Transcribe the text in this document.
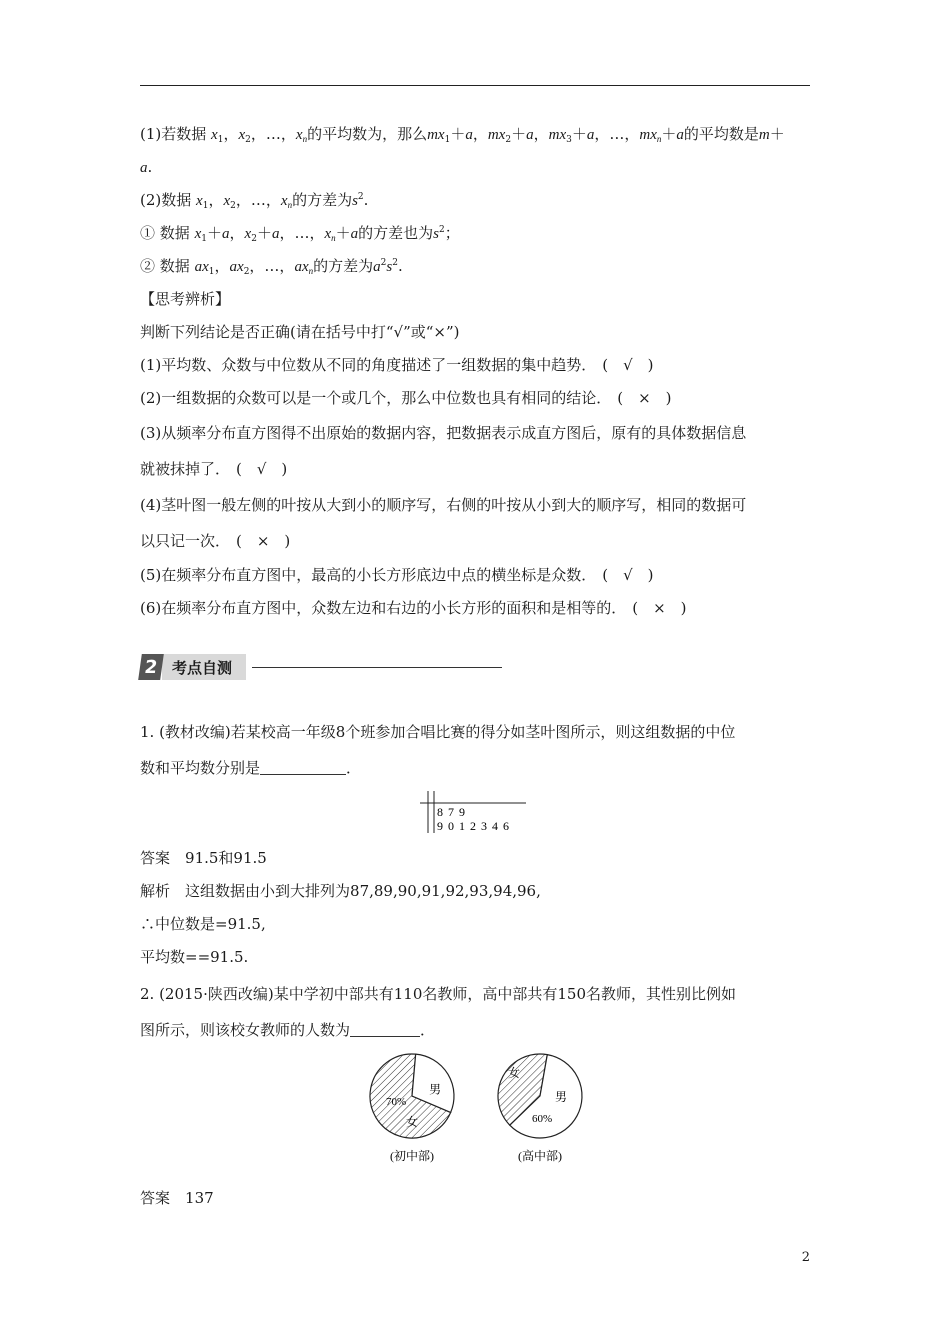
(1)若数据 $x_1$，$x_2$，…，$x_n$的平均数为，那么$mx_1+a$，$mx_2+a$，$mx_3+a$，…，$mx_n+a$的平均数是m＋
a.
(2)数据 $x_1$，$x_2$，…，$x_n$的方差为$s^2$.
① 数据 $x_1+a$，$x_2+a$，…，$x_n+a$的方差也为$s^2$；
② 数据 $ax_1$，$ax_2$，…，$ax_n$的方差为$a^2s^2$.
【思考辨析】
判断下列结论是否正确(请在括号中打“√”或“×”)
(1)平均数、众数与中位数从不同的角度描述了一组数据的集中趋势． (　√　)
(2)一组数据的众数可以是一个或几个，那么中位数也具有相同的结论． (　×　)
(3)从频率分布直方图得不出原始的数据内容，把数据表示成直方图后，原有的具体数据信息
就被抹掉了． (　√　)
(4)茎叶图一般左侧的叶按从大到小的顺序写，右侧的叶按从小到大的顺序写，相同的数据可
以只记一次． (　×　)
(5)在频率分布直方图中，最高的小长方形底边中点的横坐标是众数． (　√　)
(6)在频率分布直方图中，众数左边和右边的小长方形的面积和是相等的． (　×　)
2 考点自测
1. (教材改编)若某校高一年级8个班参加合唱比赛的得分如茎叶图所示，则这组数据的中位
数和平均数分别是	．
8 7 9
9 0 1 2 3 4 6
答案　 91.5和91.5
解析　 这组数据由小到大排列为87,89,90,91,92,93,94,96,
∴中位数是=91.5,
平均数==91.5.
2. (2015·陕西改编)某中学初中部共有110名教师，高中部共有150名教师，其性别比例如
图所示，则该校女教师的人数为	．
女
男
70%
女
男
60%
(初中部)	(高中部)
答案　 137
2
